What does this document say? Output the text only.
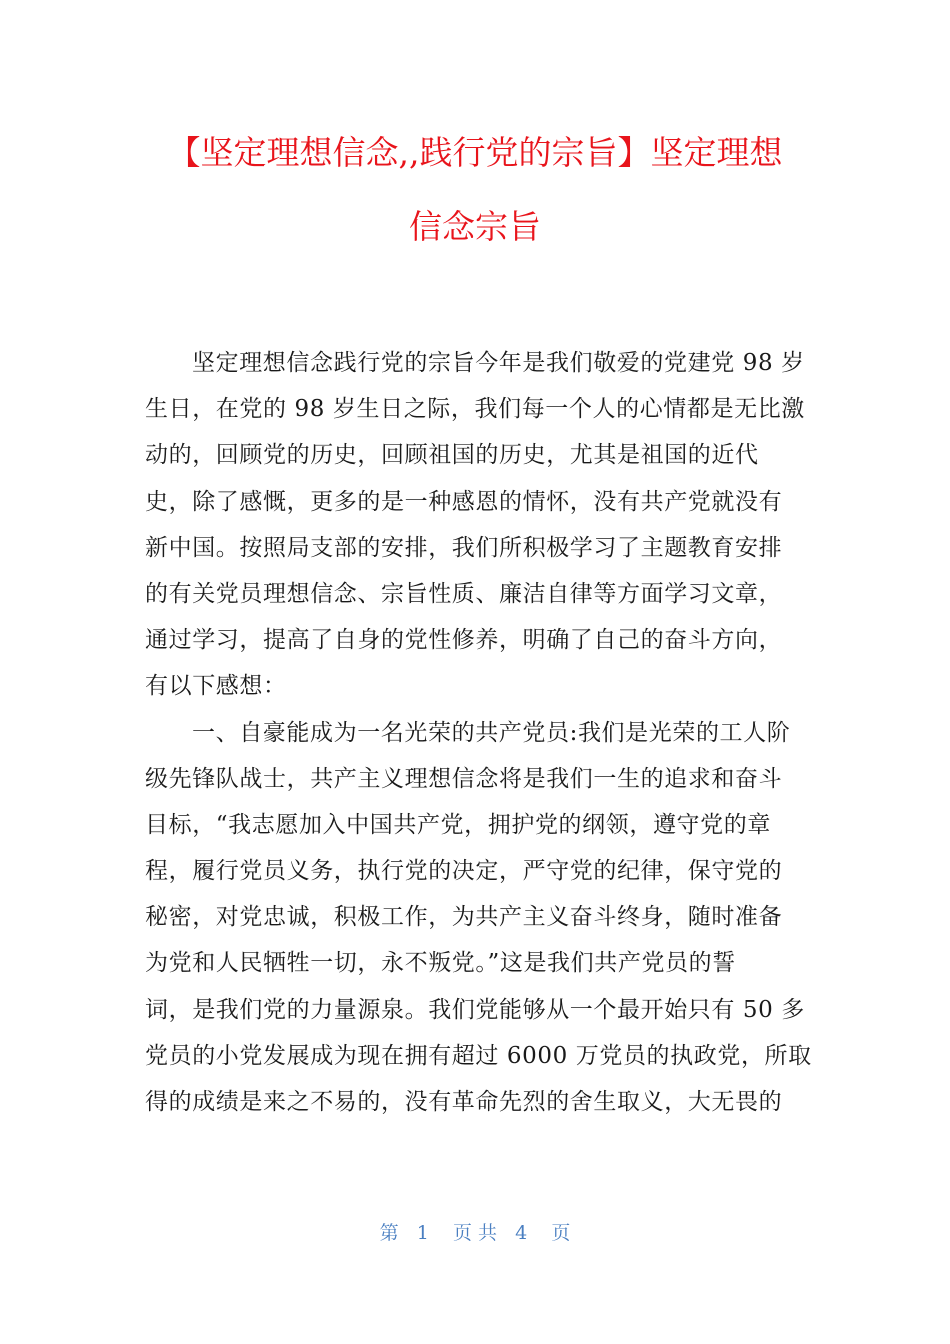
【坚定理想信念,,践行党的宗旨】坚定理想
信念宗旨
坚定理想信念践行党的宗旨今年是我们敬爱的党建党 98 岁
生日，在党的 98 岁生日之际，我们每一个人的心情都是无比激
动的，回顾党的历史，回顾祖国的历史，尤其是祖国的近代
史，除了感慨，更多的是一种感恩的情怀，没有共产党就没有
新中国。按照局支部的安排，我们所积极学习了主题教育安排
的有关党员理想信念、宗旨性质、廉洁自律等方面学习文章，
通过学习，提高了自身的党性修养，明确了自己的奋斗方向，
有以下感想：
一、自豪能成为一名光荣的共产党员:我们是光荣的工人阶
级先锋队战士，共产主义理想信念将是我们一生的追求和奋斗
目标，“我志愿加入中国共产党，拥护党的纲领，遵守党的章
程，履行党员义务，执行党的决定，严守党的纪律，保守党的
秘密，对党忠诚，积极工作，为共产主义奋斗终身，随时准备
为党和人民牺牲一切，永不叛党。”这是我们共产党员的誓
词，是我们党的力量源泉。我们党能够从一个最开始只有 50 多
党员的小党发展成为现在拥有超过 6000 万党员的执政党，所取
得的成绩是来之不易的，没有革命先烈的舍生取义，大无畏的
第   1    页 共   4    页
